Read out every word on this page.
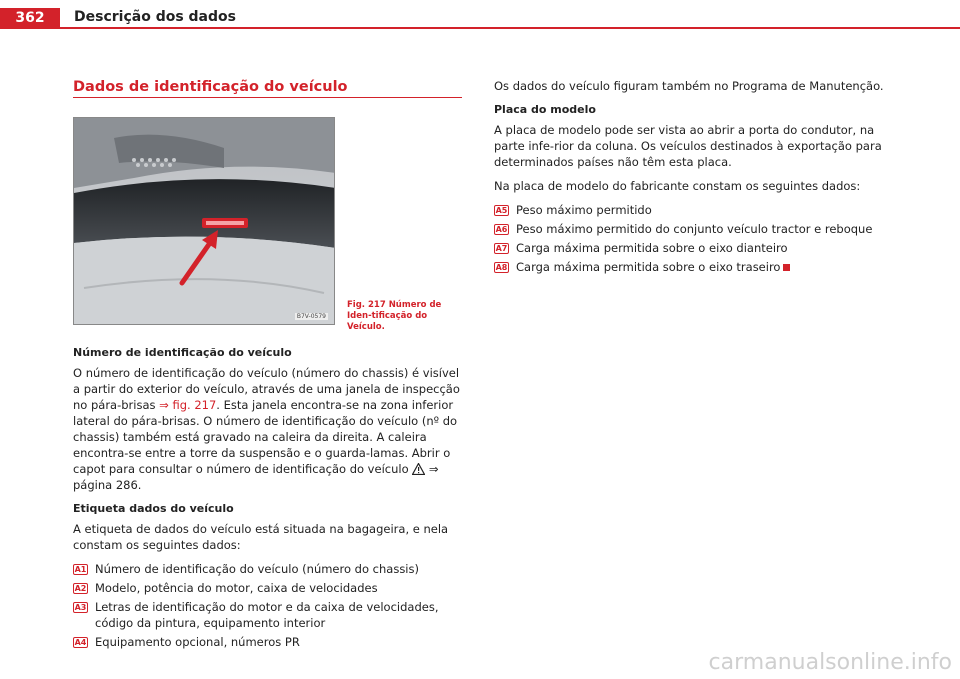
362	Descrição dos dados
Dados de identificação do veículo
B7V-0579
Fig. 217 Número de Iden-tificação do Veículo.
Número de identificação do veículo

O número de identificação do veículo (número do chassis) é visível a partir do exterior do veículo, através de uma janela de inspecção no pára-brisas ⇒ fig. 217. Esta janela encontra-se na zona inferior lateral do pára-brisas. O número de identificação do veículo (nº do chassis) também está gravado na caleira da direita. A caleira encontra-se entre a torre da suspensão e o guarda-lamas. Abrir o capot para consultar o número de identificação do veículo  ⇒ página 286.

Etiqueta dados do veículo

A etiqueta de dados do veículo está situada na bagageira, e nela constam os seguintes dados:

A1 Número de identificação do veículo (número do chassis)
A2 Modelo, potência do motor, caixa de velocidades
A3 Letras de identificação do motor e da caixa de velocidades, código da pintura, equipamento interior
A4 Equipamento opcional, números PR

Os dados do veículo figuram também no Programa de Manutenção.

Placa do modelo

A placa de modelo pode ser vista ao abrir a porta do condutor, na parte infe-rior da coluna. Os veículos destinados à exportação para determinados países não têm esta placa.

Na placa de modelo do fabricante constam os seguintes dados:

A5 Peso máximo permitido
A6 Peso máximo permitido do conjunto veículo tractor e reboque
A7 Carga máxima permitida sobre o eixo dianteiro
A8 Carga máxima permitida sobre o eixo traseiro
carmanualsonline.info
